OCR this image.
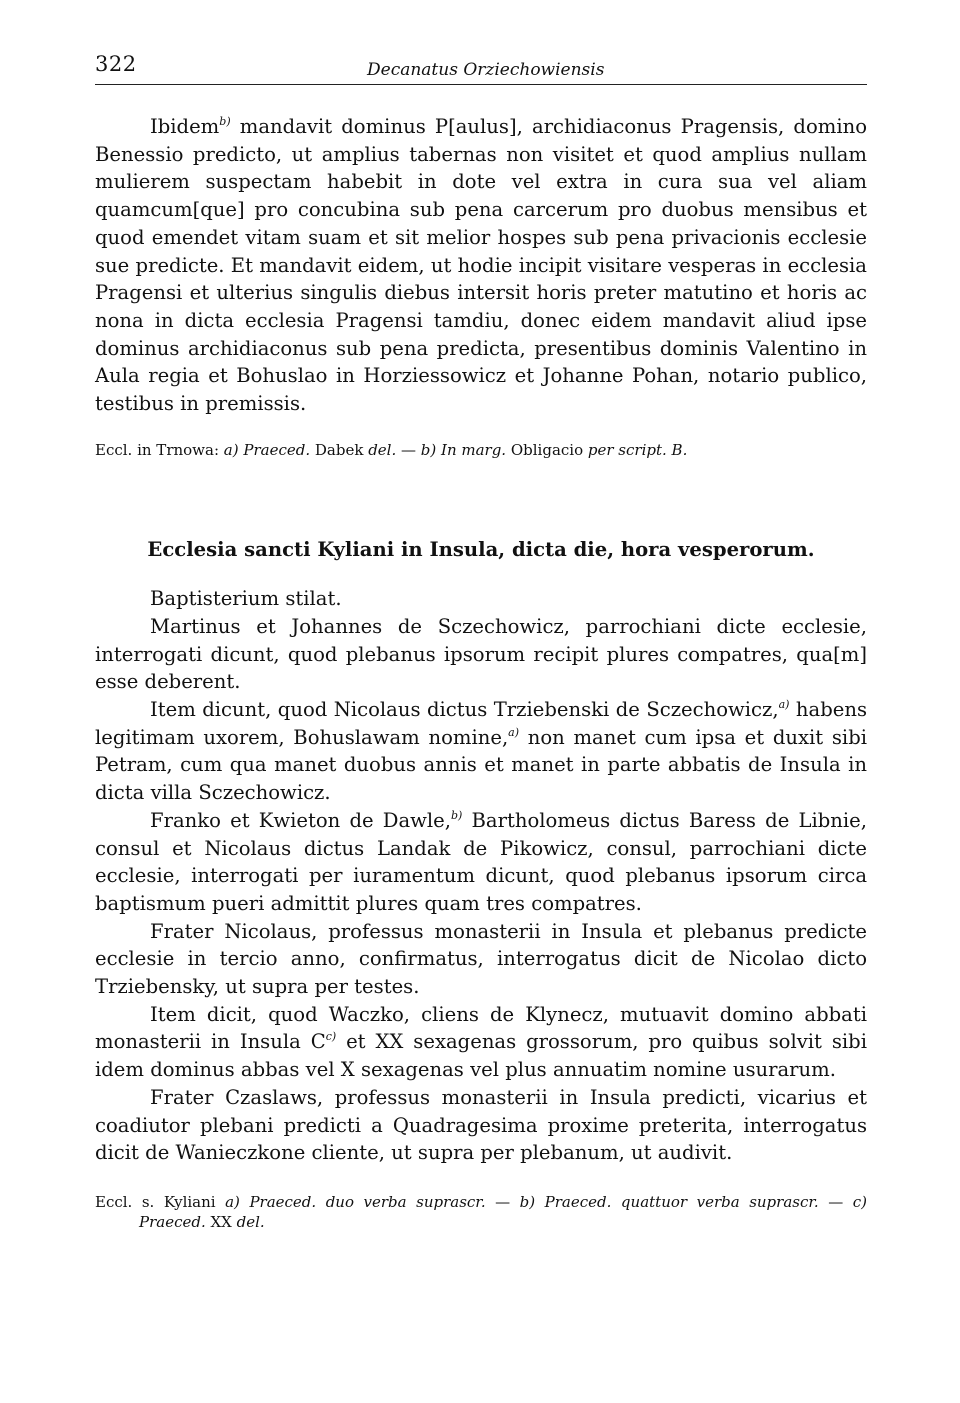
322	Decanatus Orziechowiensis

Ibidem$^{b)}$ mandavit dominus P[aulus], archidiaconus Pragensis, domino Benessio predicto, ut amplius tabernas non visitet et quod amplius nullam mulierem suspectam habebit in dote vel extra in cura sua vel aliam quamcum[que] pro concubina sub pena carcerum pro duobus mensibus et quod emendet vitam suam et sit melior hospes sub pena privacionis ecclesie sue predicte. Et mandavit eidem, ut hodie incipit visitare vesperas in ecclesia Pragensi et ulterius singulis diebus intersit horis preter matutino et horis ac nona in dicta ecclesia Pragensi tamdiu, donec eidem mandavit aliud ipse dominus archidiaconus sub pena predicta, presentibus dominis Valentino in Aula regia et Bohuslao in Horziessowicz et Johanne Pohan, notario publico, testibus in premissis.

Eccl. in Trnowa: a) Praeced. Dabek del. — b) In marg. Obligacio per script. B.

Ecclesia sancti Kyliani in Insula, dicta die, hora vesperorum.

Baptisterium stilat.

Martinus et Johannes de Sczechowicz, parrochiani dicte ecclesie, interrogati dicunt, quod plebanus ipsorum recipit plures compatres, qua[m] esse deberent.

Item dicunt, quod Nicolaus dictus Trziebenski de Sczechowicz,$^{a)}$ habens legitimam uxorem, Bohuslawam nomine,$^{a)}$ non manet cum ipsa et duxit sibi Petram, cum qua manet duobus annis et manet in parte abbatis de Insula in dicta villa Sczechowicz.

Franko et Kwieton de Dawle,$^{b)}$ Bartholomeus dictus Baress de Libnie, consul et Nicolaus dictus Landak de Pikowicz, consul, parrochiani dicte ecclesie, interrogati per iuramentum dicunt, quod plebanus ipsorum circa baptismum pueri admittit plures quam tres compatres.

Frater Nicolaus, professus monasterii in Insula et plebanus predicte ecclesie in tercio anno, confirmatus, interrogatus dicit de Nicolao dicto Trziebensky, ut supra per testes.

Item dicit, quod Waczko, cliens de Klynecz, mutuavit domino abbati monasterii in Insula $C^{c)}$ et XX sexagenas grossorum, pro quibus solvit sibi idem dominus abbas vel X sexagenas vel plus annuatim nomine usurarum.

Frater Czaslaws, professus monasterii in Insula predicti, vicarius et coadiutor plebani predicti a Quadragesima proxime preterita, interrogatus dicit de Wanieczkone cliente, ut supra per plebanum, ut audivit.

Eccl. s. Kyliani a) Praeced. duo verba suprascr. — b) Praeced. quattuor verba suprascr. — c) Praeced. XX del.
